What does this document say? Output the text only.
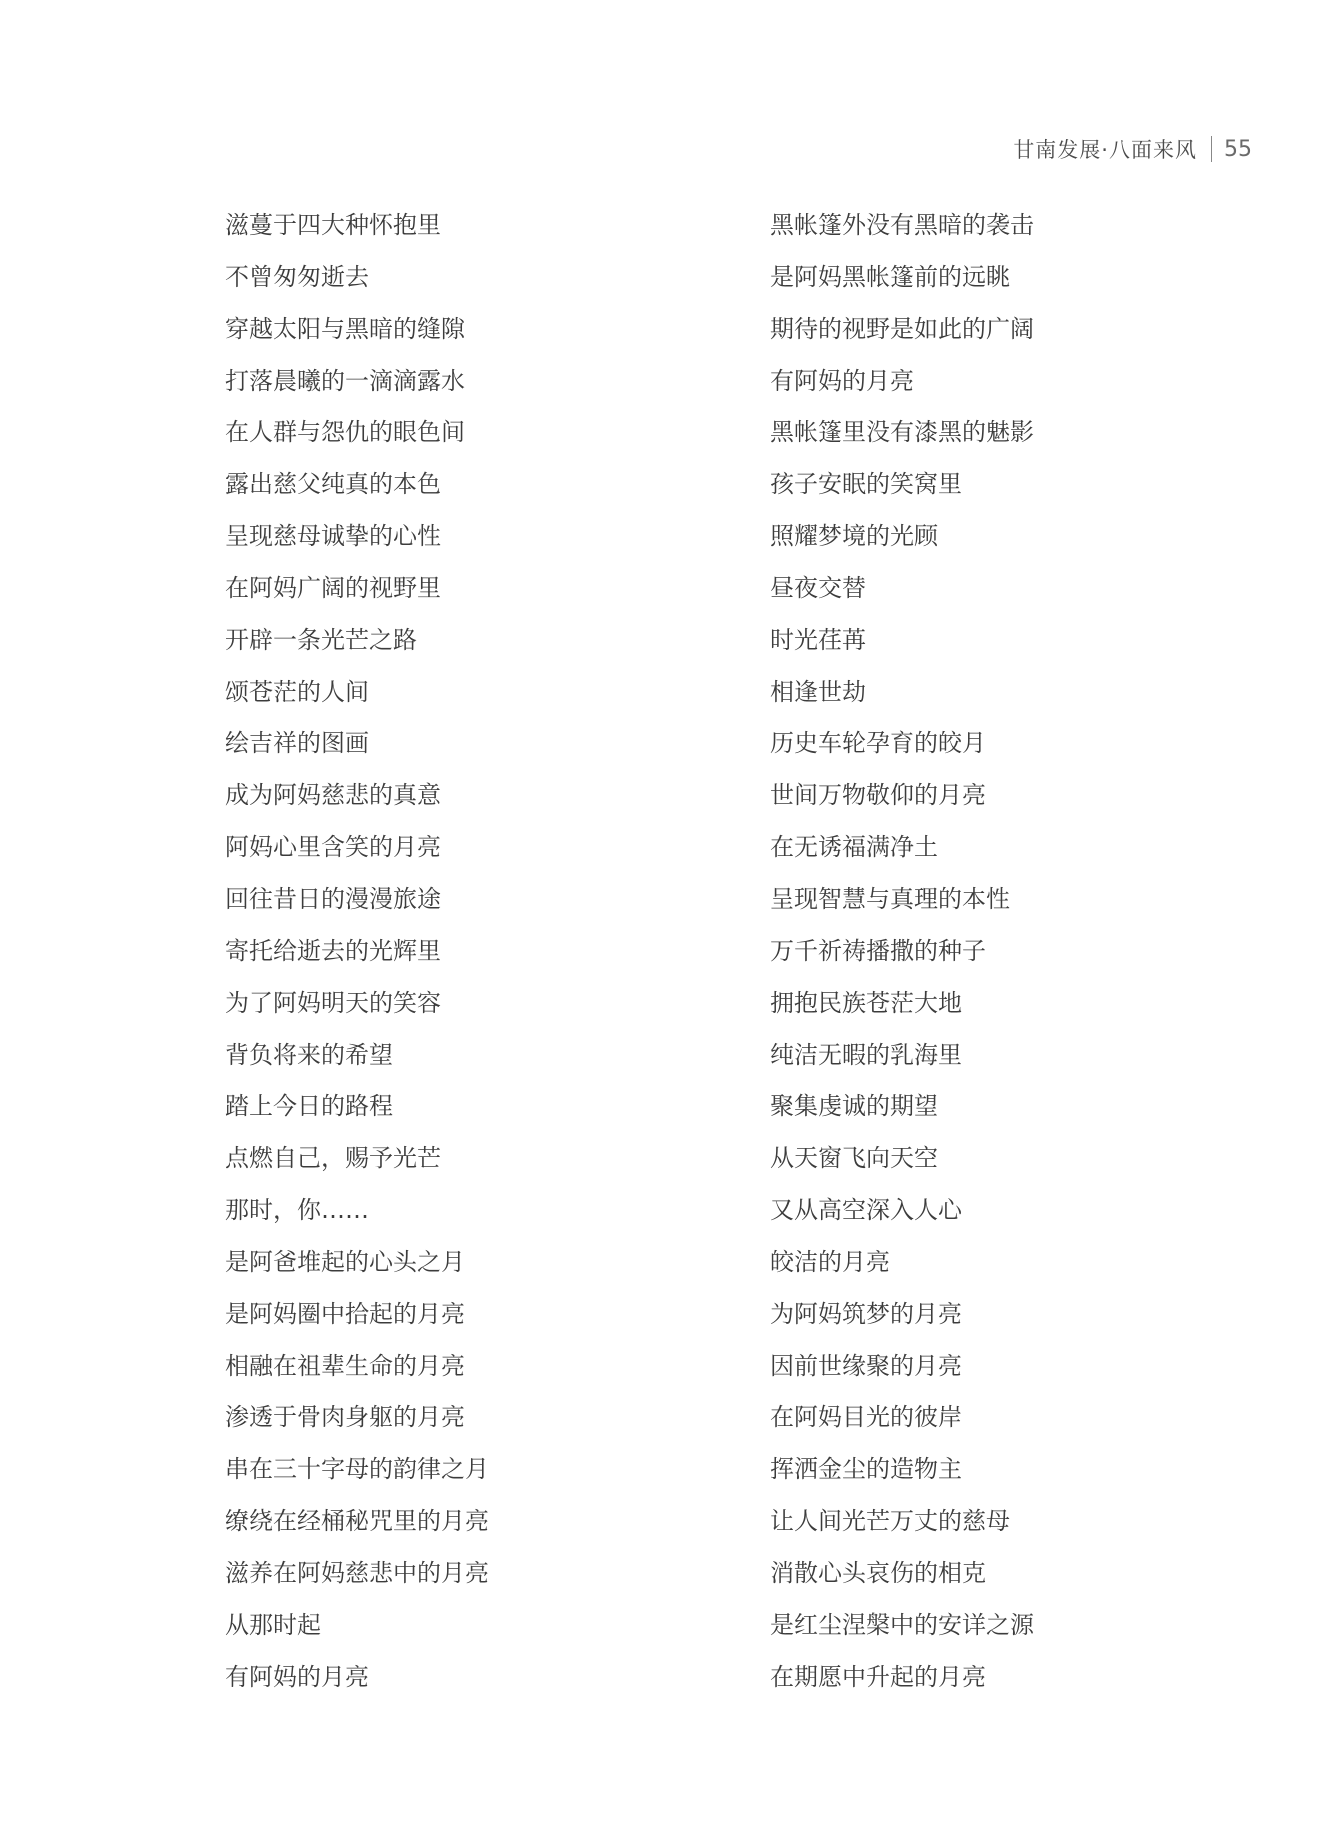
甘南发展·八面来风 55
滋蔓于四大种怀抱里
不曾匆匆逝去
穿越太阳与黑暗的缝隙
打落晨曦的一滴滴露水
在人群与怨仇的眼色间
露出慈父纯真的本色
呈现慈母诚挚的心性
在阿妈广阔的视野里
开辟一条光芒之路
颂苍茫的人间
绘吉祥的图画
成为阿妈慈悲的真意
阿妈心里含笑的月亮
回往昔日的漫漫旅途
寄托给逝去的光辉里
为了阿妈明天的笑容
背负将来的希望
踏上今日的路程
点燃自己，赐予光芒
那时，你……
是阿爸堆起的心头之月
是阿妈圈中拾起的月亮
相融在祖辈生命的月亮
渗透于骨肉身躯的月亮
串在三十字母的韵律之月
缭绕在经桶秘咒里的月亮
滋养在阿妈慈悲中的月亮
从那时起
有阿妈的月亮
黑帐篷外没有黑暗的袭击
是阿妈黑帐篷前的远眺
期待的视野是如此的广阔
有阿妈的月亮
黑帐篷里没有漆黑的魅影
孩子安眠的笑窝里
照耀梦境的光顾
昼夜交替
时光荏苒
相逢世劫
历史车轮孕育的皎月
世间万物敬仰的月亮
在无诱福满净土
呈现智慧与真理的本性
万千祈祷播撒的种子
拥抱民族苍茫大地
纯洁无暇的乳海里
聚集虔诚的期望
从天窗飞向天空
又从高空深入人心
皎洁的月亮
为阿妈筑梦的月亮
因前世缘聚的月亮
在阿妈目光的彼岸
挥洒金尘的造物主
让人间光芒万丈的慈母
消散心头哀伤的相克
是红尘涅槃中的安详之源
在期愿中升起的月亮
